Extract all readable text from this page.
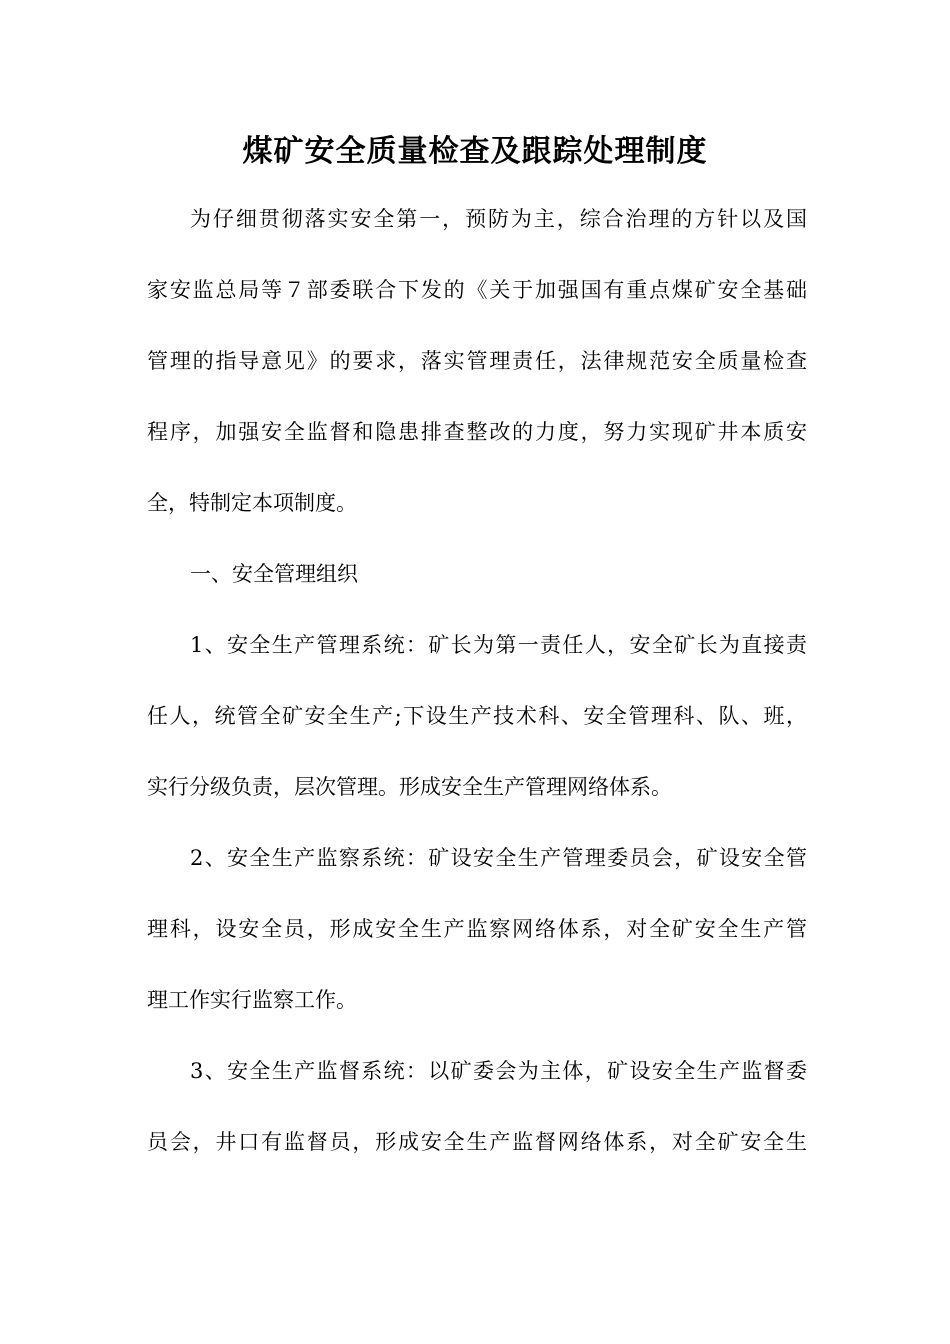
煤矿安全质量检查及跟踪处理制度
为仔细贯彻落实安全第一，预防为主，综合治理的方针以及国
家安监总局等７部委联合下发的《关于加强国有重点煤矿安全基础
管理的指导意见》的要求，落实管理责任，法律规范安全质量检查
程序，加强安全监督和隐患排查整改的力度，努力实现矿井本质安
全，特制定本项制度。
一、安全管理组织
1、安全生产管理系统：矿长为第一责任人，安全矿长为直接责
任人，统管全矿安全生产;下设生产技术科、安全管理科、队、班，
实行分级负责，层次管理。形成安全生产管理网络体系。
2、安全生产监察系统：矿设安全生产管理委员会，矿设安全管
理科，设安全员，形成安全生产监察网络体系，对全矿安全生产管
理工作实行监察工作。
3、安全生产监督系统：以矿委会为主体，矿设安全生产监督委
员会，井口有监督员，形成安全生产监督网络体系，对全矿安全生
